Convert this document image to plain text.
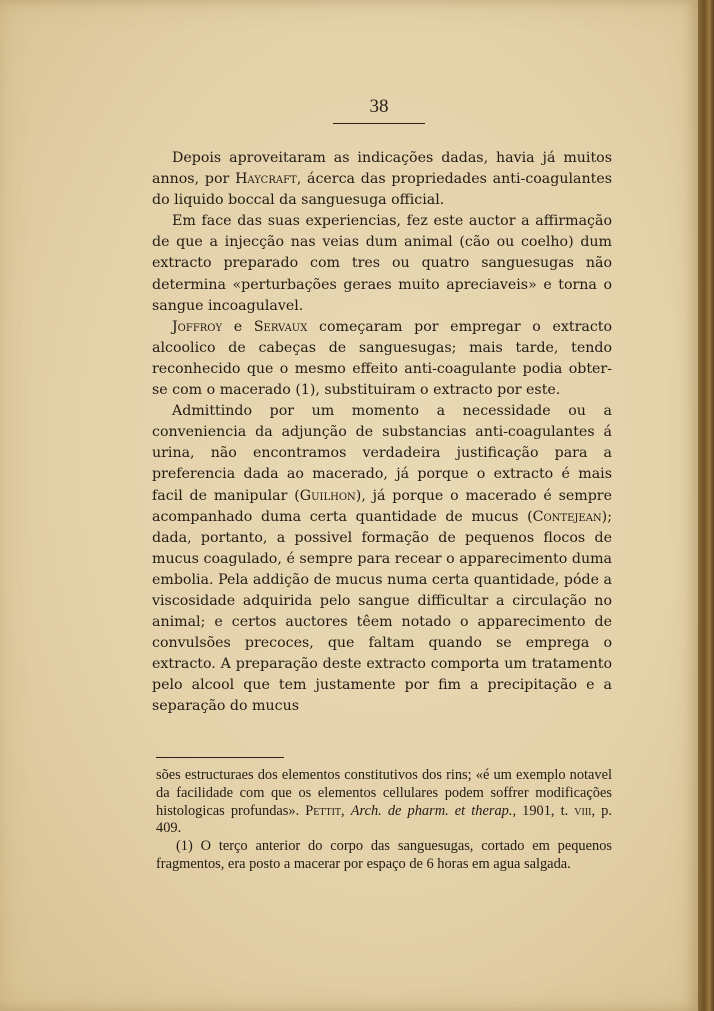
38

Depois aproveitaram as indicações dadas, havia já muitos annos, por Haycraft, ácerca das propriedades anti-coagulantes do liquido boccal da sanguesuga official.

Em face das suas experiencias, fez este auctor a affirmação de que a injecção nas veias dum animal (cão ou coelho) dum extracto preparado com tres ou quatro sanguesugas não determina «perturbações geraes muito apreciaveis» e torna o sangue incoagulavel.

Joffroy e Servaux começaram por empregar o extracto alcoolico de cabeças de sanguesugas; mais tarde, tendo reconhecido que o mesmo effeito anti-coagulante podia obter-se com o macerado (1), substituiram o extracto por este.

Admittindo por um momento a necessidade ou a conveniencia da adjunção de substancias anti-coagulantes á urina, não encontramos verdadeira justificação para a preferencia dada ao macerado, já porque o extracto é mais facil de manipular (Guilhon), já porque o macerado é sempre acompanhado duma certa quantidade de mucus (Contejean); dada, portanto, a possivel formação de pequenos flocos de mucus coagulado, é sempre para recear o apparecimento duma embolia. Pela addição de mucus numa certa quantidade, póde a viscosidade adquirida pelo sangue difficultar a circulação no animal; e certos auctores têem notado o apparecimento de convulsões precoces, que faltam quando se emprega o extracto. A preparação deste extracto comporta um tratamento pelo alcool que tem justamente por fim a precipitação e a separação do mucus

sões estructuraes dos elementos constitutivos dos rins; «é um exemplo notavel da facilidade com que os elementos cellulares podem soffrer modificações histologicas profundas». Pettit, Arch. de pharm. et therap., 1901, t. viii, p. 409.

(1) O terço anterior do corpo das sanguesugas, cortado em pequenos fragmentos, era posto a macerar por espaço de 6 horas em agua salgada.
